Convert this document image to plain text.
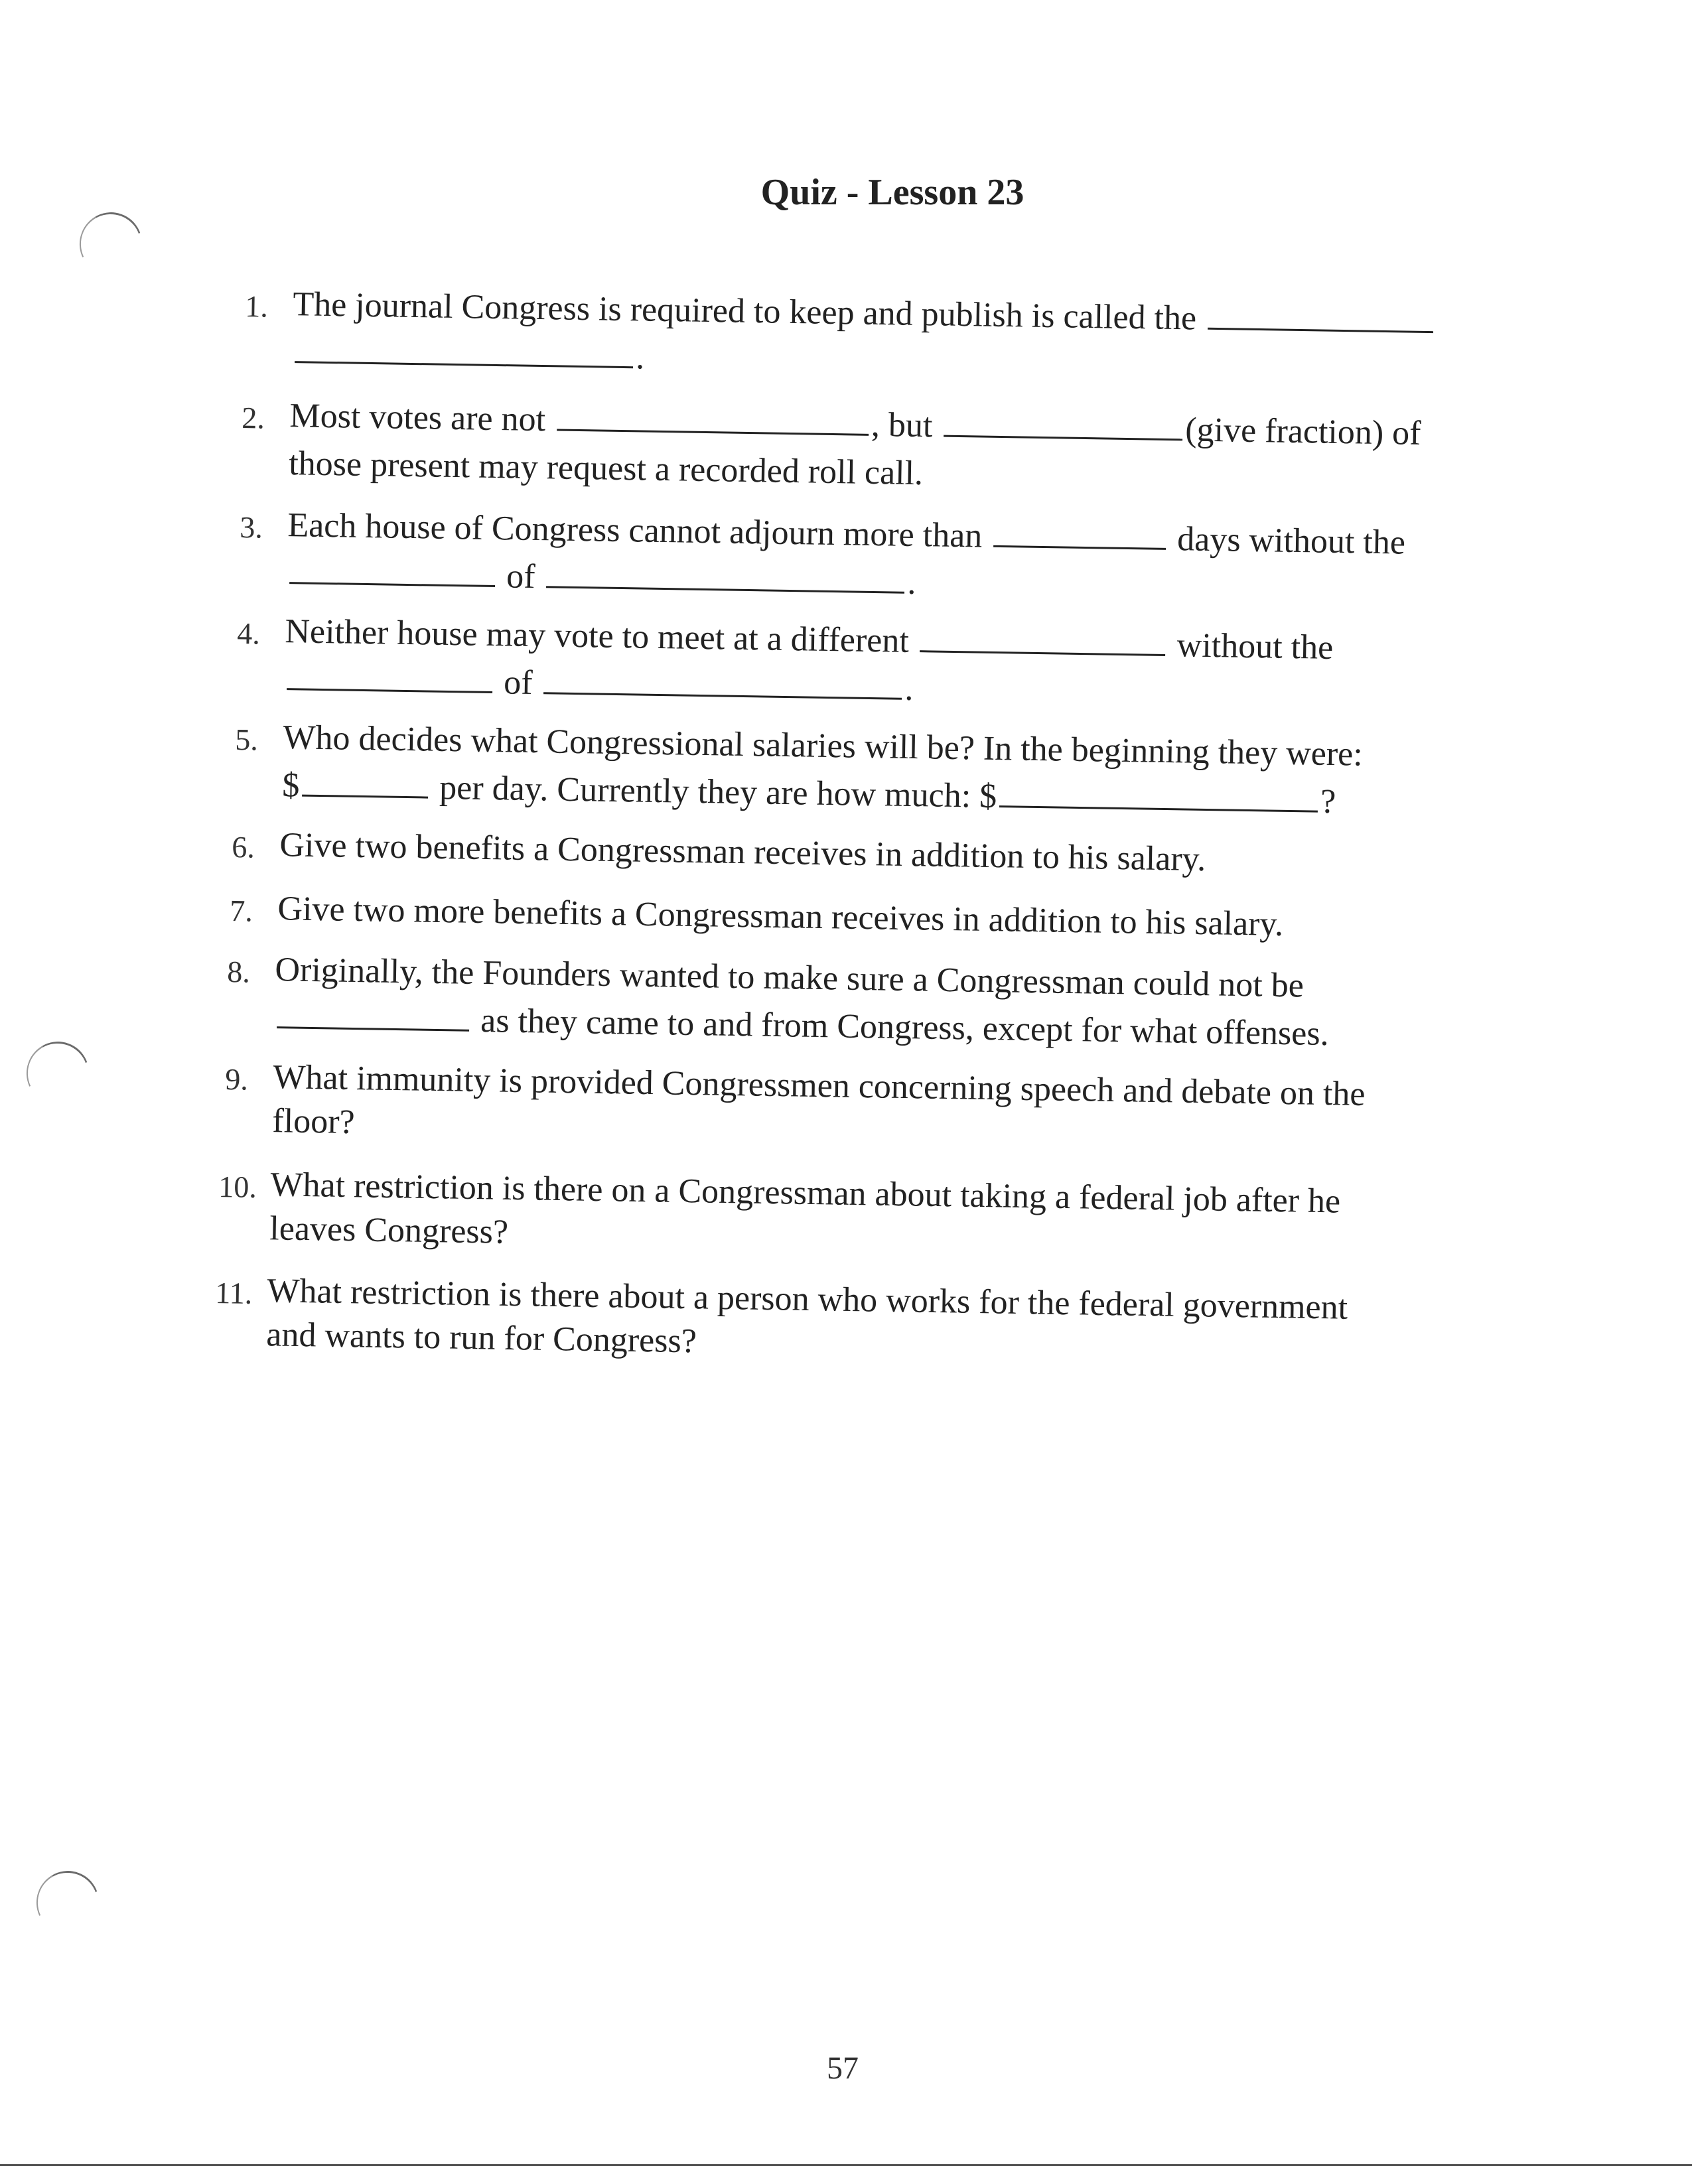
Quiz - Lesson 23
1. The journal Congress is required to keep and publish is called the
.
2. Most votes are not	, but	(give fraction) of
those present may request a recorded roll call.
3. Each house of Congress cannot adjourn more than	days without the
of	.
4. Neither house may vote to meet at a different	without the
of	.
5. Who decides what Congressional salaries will be? In the beginning they were:
$	per day. Currently they are how much: $	?
6. Give two benefits a Congressman receives in addition to his salary.
7. Give two more benefits a Congressman receives in addition to his salary.
8. Originally, the Founders wanted to make sure a Congressman could not be
as they came to and from Congress, except for what offenses.
9. What immunity is provided Congressmen concerning speech and debate on the
floor?
10. What restriction is there on a Congressman about taking a federal job after he
leaves Congress?
11. What restriction is there about a person who works for the federal government
and wants to run for Congress?
57
